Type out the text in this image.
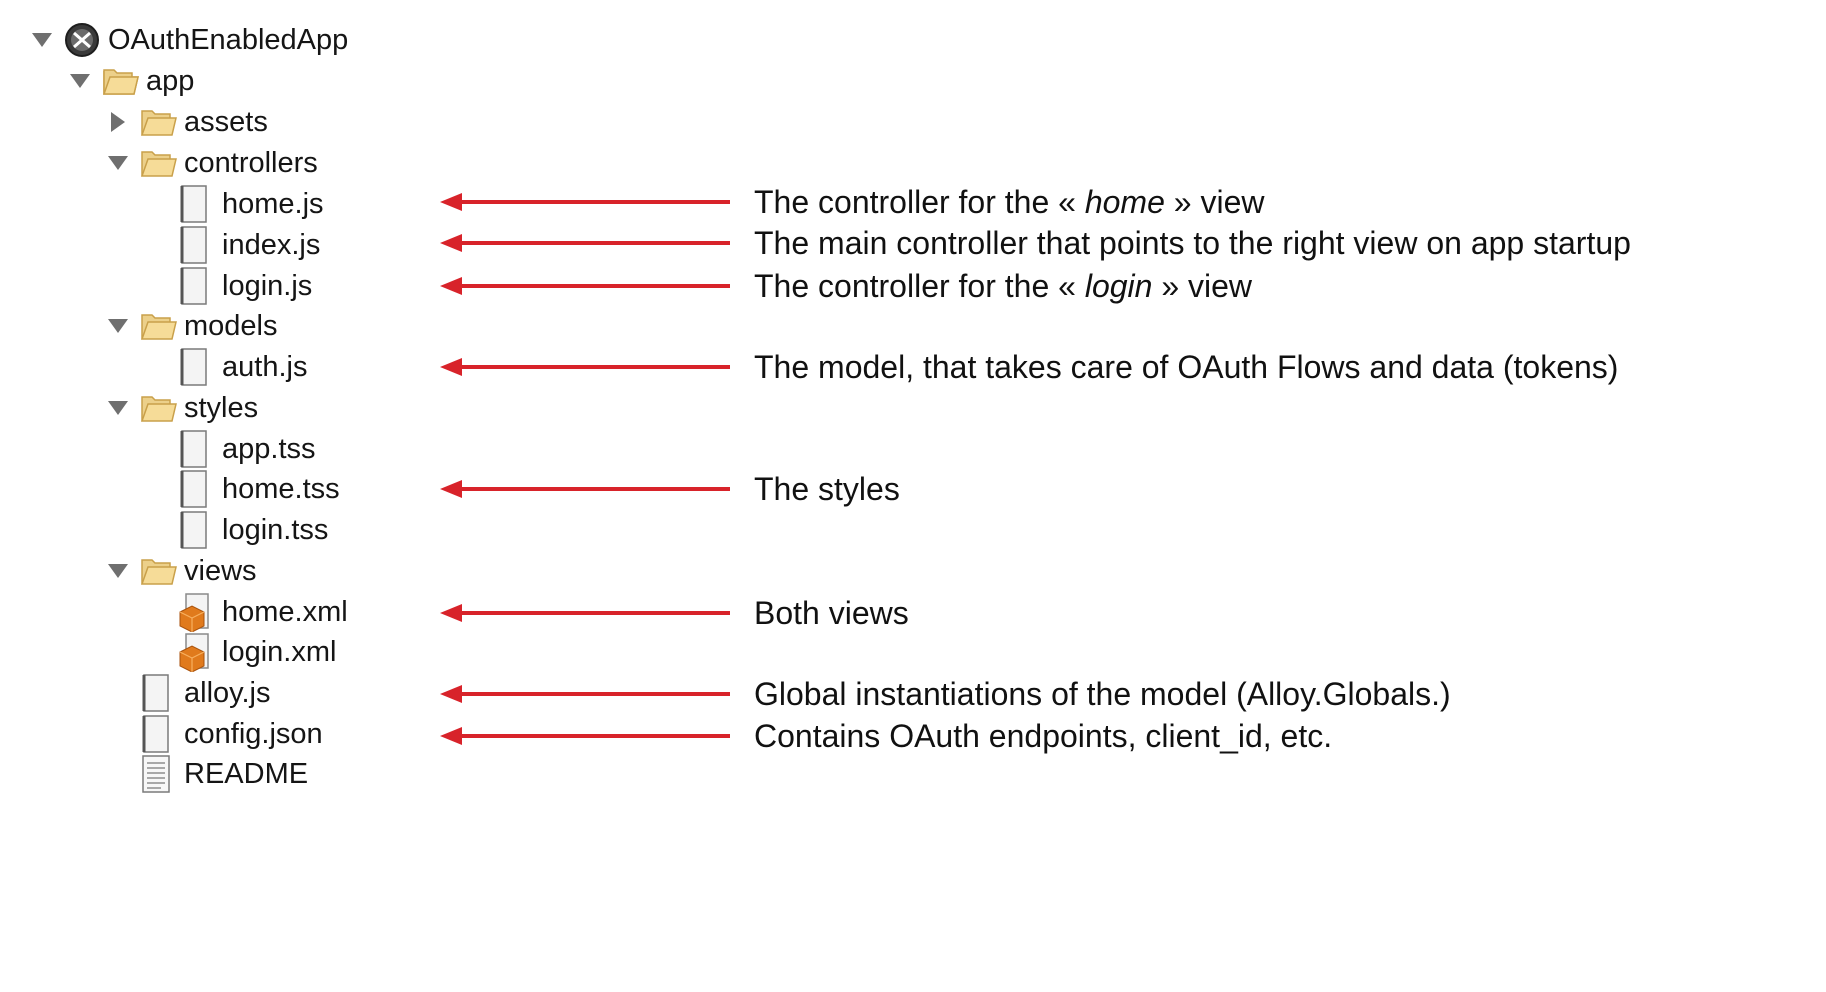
OAuthEnabledApp
app
assets
controllers
home.js
index.js
login.js
models
auth.js
styles
app.tss
home.tss
login.tss
views
home.xml
login.xml
alloy.js
config.json
README
The controller for the « home » view
The main controller that points to the right view on app startup
The controller for the « login » view
The model, that takes care of OAuth Flows and data (tokens)
The styles
Both views
Global instantiations of the model (Alloy.Globals.)
Contains OAuth endpoints, client_id, etc.
